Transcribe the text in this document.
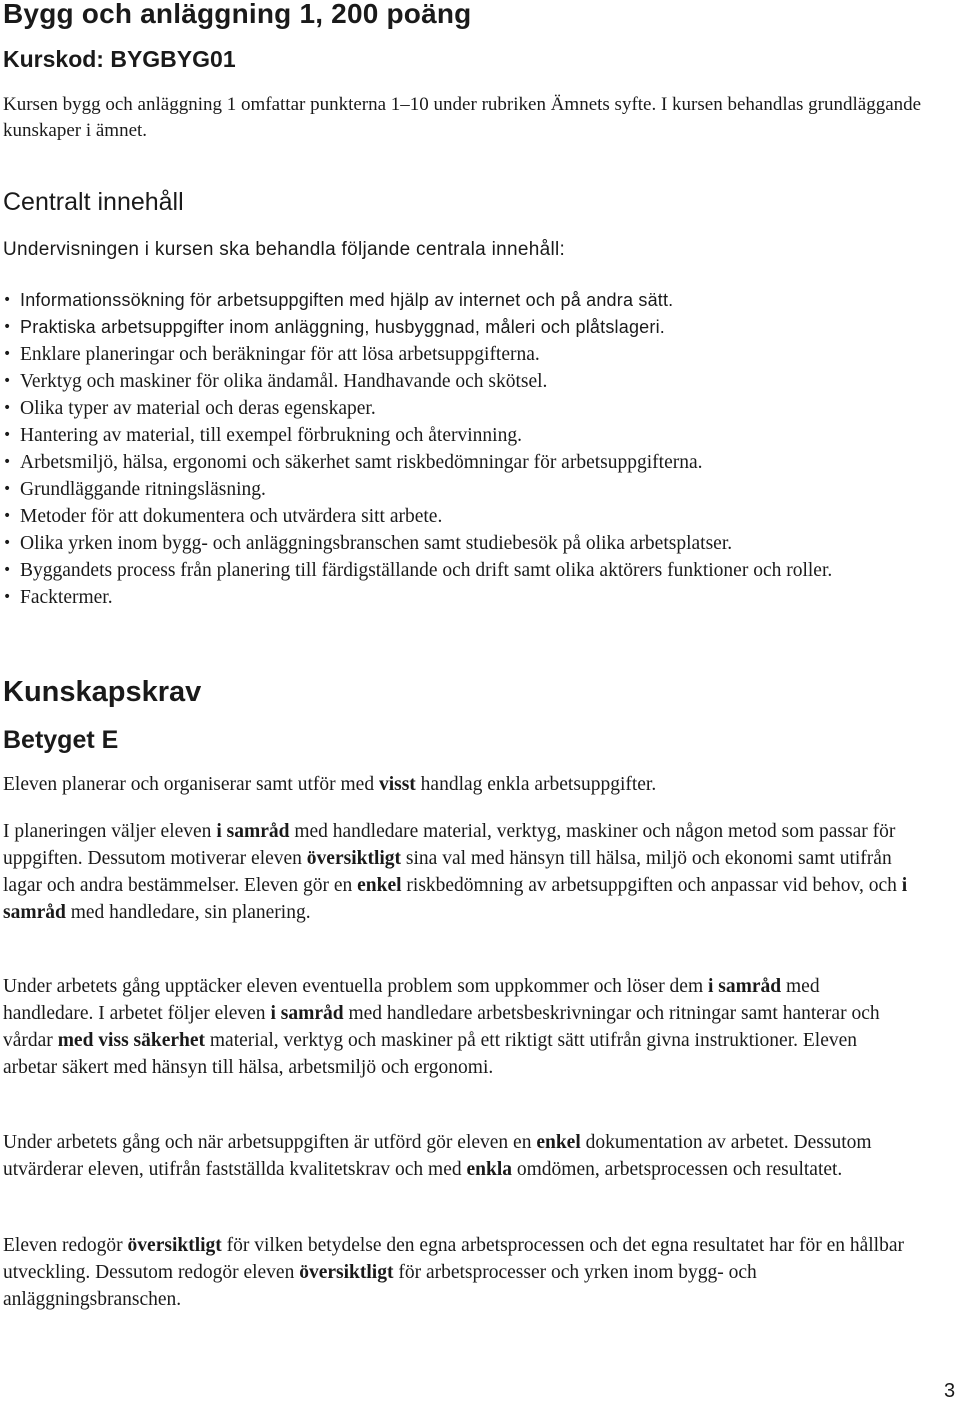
Bygg och anläggning 1, 200 poäng

Kurskod: BYGBYG01

Kursen bygg och anläggning 1 omfattar punkterna 1–10 under rubriken Ämnets syfte. I kursen behandlas grundläggande kunskaper i ämnet.

Centralt innehåll

Undervisningen i kursen ska behandla följande centrala innehåll:

• Informationssökning för arbetsuppgiften med hjälp av internet och på andra sätt.
• Praktiska arbetsuppgifter inom anläggning, husbyggnad, måleri och plåtslageri.
• Enklare planeringar och beräkningar för att lösa arbetsuppgifterna.
• Verktyg och maskiner för olika ändamål. Handhavande och skötsel.
• Olika typer av material och deras egenskaper.
• Hantering av material, till exempel förbrukning och återvinning.
• Arbetsmiljö, hälsa, ergonomi och säkerhet samt riskbedömningar för arbetsuppgifterna.
• Grundläggande ritningsläsning.
• Metoder för att dokumentera och utvärdera sitt arbete.
• Olika yrken inom bygg- och anläggningsbranschen samt studiebesök på olika arbetsplatser.
• Byggandets process från planering till färdigställande och drift samt olika aktörers funktioner och roller.
• Facktermer.
Kunskapskrav
Betyget E

Eleven planerar och organiserar samt utför med visst handlag enkla arbetsuppgifter.

I planeringen väljer eleven i samråd med handledare material, verktyg, maskiner och någon metod som passar för uppgiften. Dessutom motiverar eleven översiktligt sina val med hänsyn till hälsa, miljö och ekonomi samt utifrån lagar och andra bestämmelser. Eleven gör en enkel riskbedömning av arbetsuppgiften och anpassar vid behov, och i samråd med handledare, sin planering.

Under arbetets gång upptäcker eleven eventuella problem som uppkommer och löser dem i samråd med handledare. I arbetet följer eleven i samråd med handledare arbetsbeskrivningar och ritningar samt hanterar och vårdar med viss säkerhet material, verktyg och maskiner på ett riktigt sätt utifrån givna instruktioner. Eleven arbetar säkert med hänsyn till hälsa, arbetsmiljö och ergonomi.

Under arbetets gång och när arbetsuppgiften är utförd gör eleven en enkel dokumentation av arbetet. Dessutom utvärderar eleven, utifrån fastställda kvalitetskrav och med enkla omdömen, arbetsprocessen och resultatet.

Eleven redogör översiktligt för vilken betydelse den egna arbetsprocessen och det egna resultatet har för en hållbar utveckling. Dessutom redogör eleven översiktligt för arbetsprocesser och yrken inom bygg- och anläggningsbranschen.

3
